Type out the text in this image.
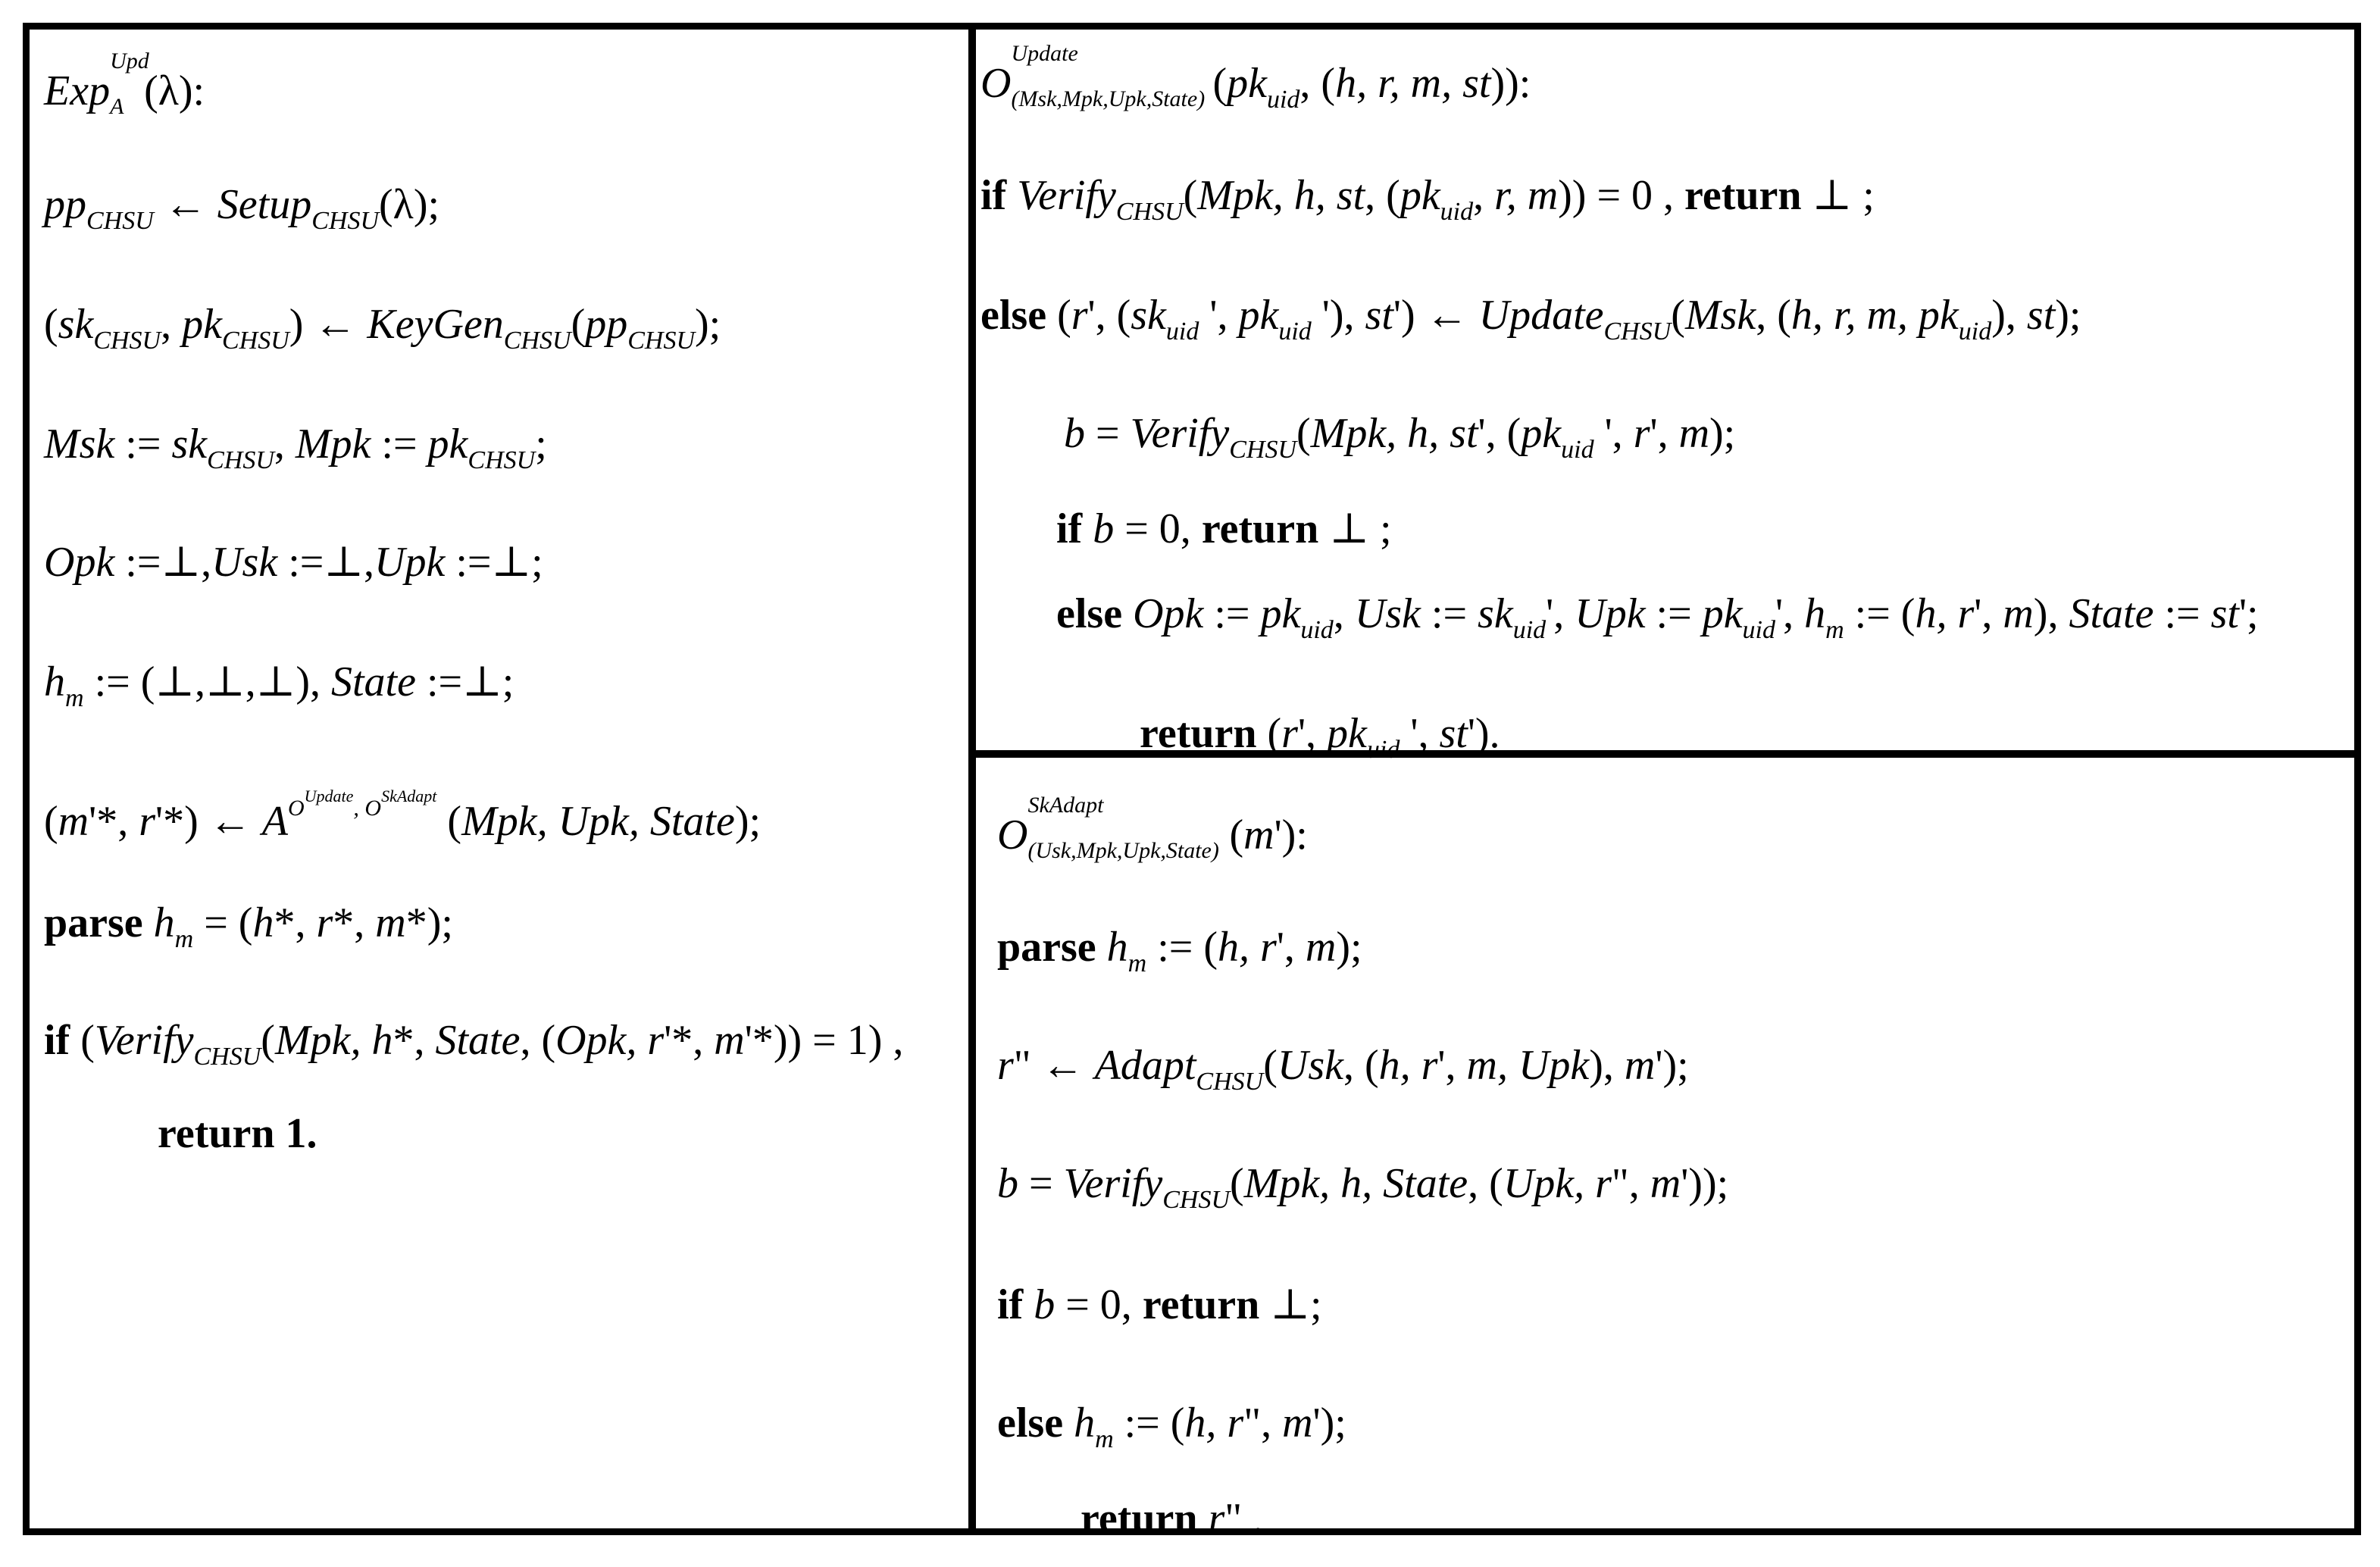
Exp
Upd
A (λ):
$pp_{CHSU}$ ← Setup$_{CHSU}$(λ);
($sk_{CHSU}$, $pk_{CHSU}$) ← $KeyGen_{CHSU}(pp_{CHSU})$;
Msk := $sk_{CHSU}$, Mpk := $pk_{CHSU}$;
Opk :=⊥,Usk :=⊥,Upk :=⊥;
$h_m$ := (⊥,⊥,⊥), State :=⊥;
(m'*, r'*) ← $A^{OUpdate, OSkAdapt}$ (Mpk, Upk, State);
parse $h_m = (h*$, r*, m*);
if (Verify$_{CHSU}$(Mpk, h*, State, (Opk, r'*, m'*)) = 1) ,
return 1.
O
Update
(Msk,Mpk,Upk,State) ($pk_{uid}$, (h, r, m, st)):
if Verify$_{CHSU}$(Mpk, h, st, ($pk_{uid}$, r, m)) = 0 , return ⊥ ;
else (r', ($sk_{uid}$ ', $pk_{uid}$ '), st') ← Update$_{CHSU}$(Msk, (h, r, m, $pk_{uid}$), st);
b = Verify$_{CHSU}$(Mpk, h, st', ($pk_{uid}$ ', r', m);
if b = 0, return ⊥ ;
else Opk := $pk_{uid}$, Usk := $sk_{uid}'$, Upk := $pk_{uid}'$, $h_m$ := (h, r', m), State := st';
return (r', $pk_{uid}$ ', st').
O
SkAdapt
(Usk,Mpk,Upk,State) (m'):
parse $h_m$ := (h, r', m);
r" ← Adapt$_{CHSU}$(Usk, (h, r', m, Upk), m');
b = Verify$_{CHSU}$(Mpk, h, State, (Upk, r", m'));
if b = 0, return ⊥;
else $h_m$ := (h, r", m');
return r" .
